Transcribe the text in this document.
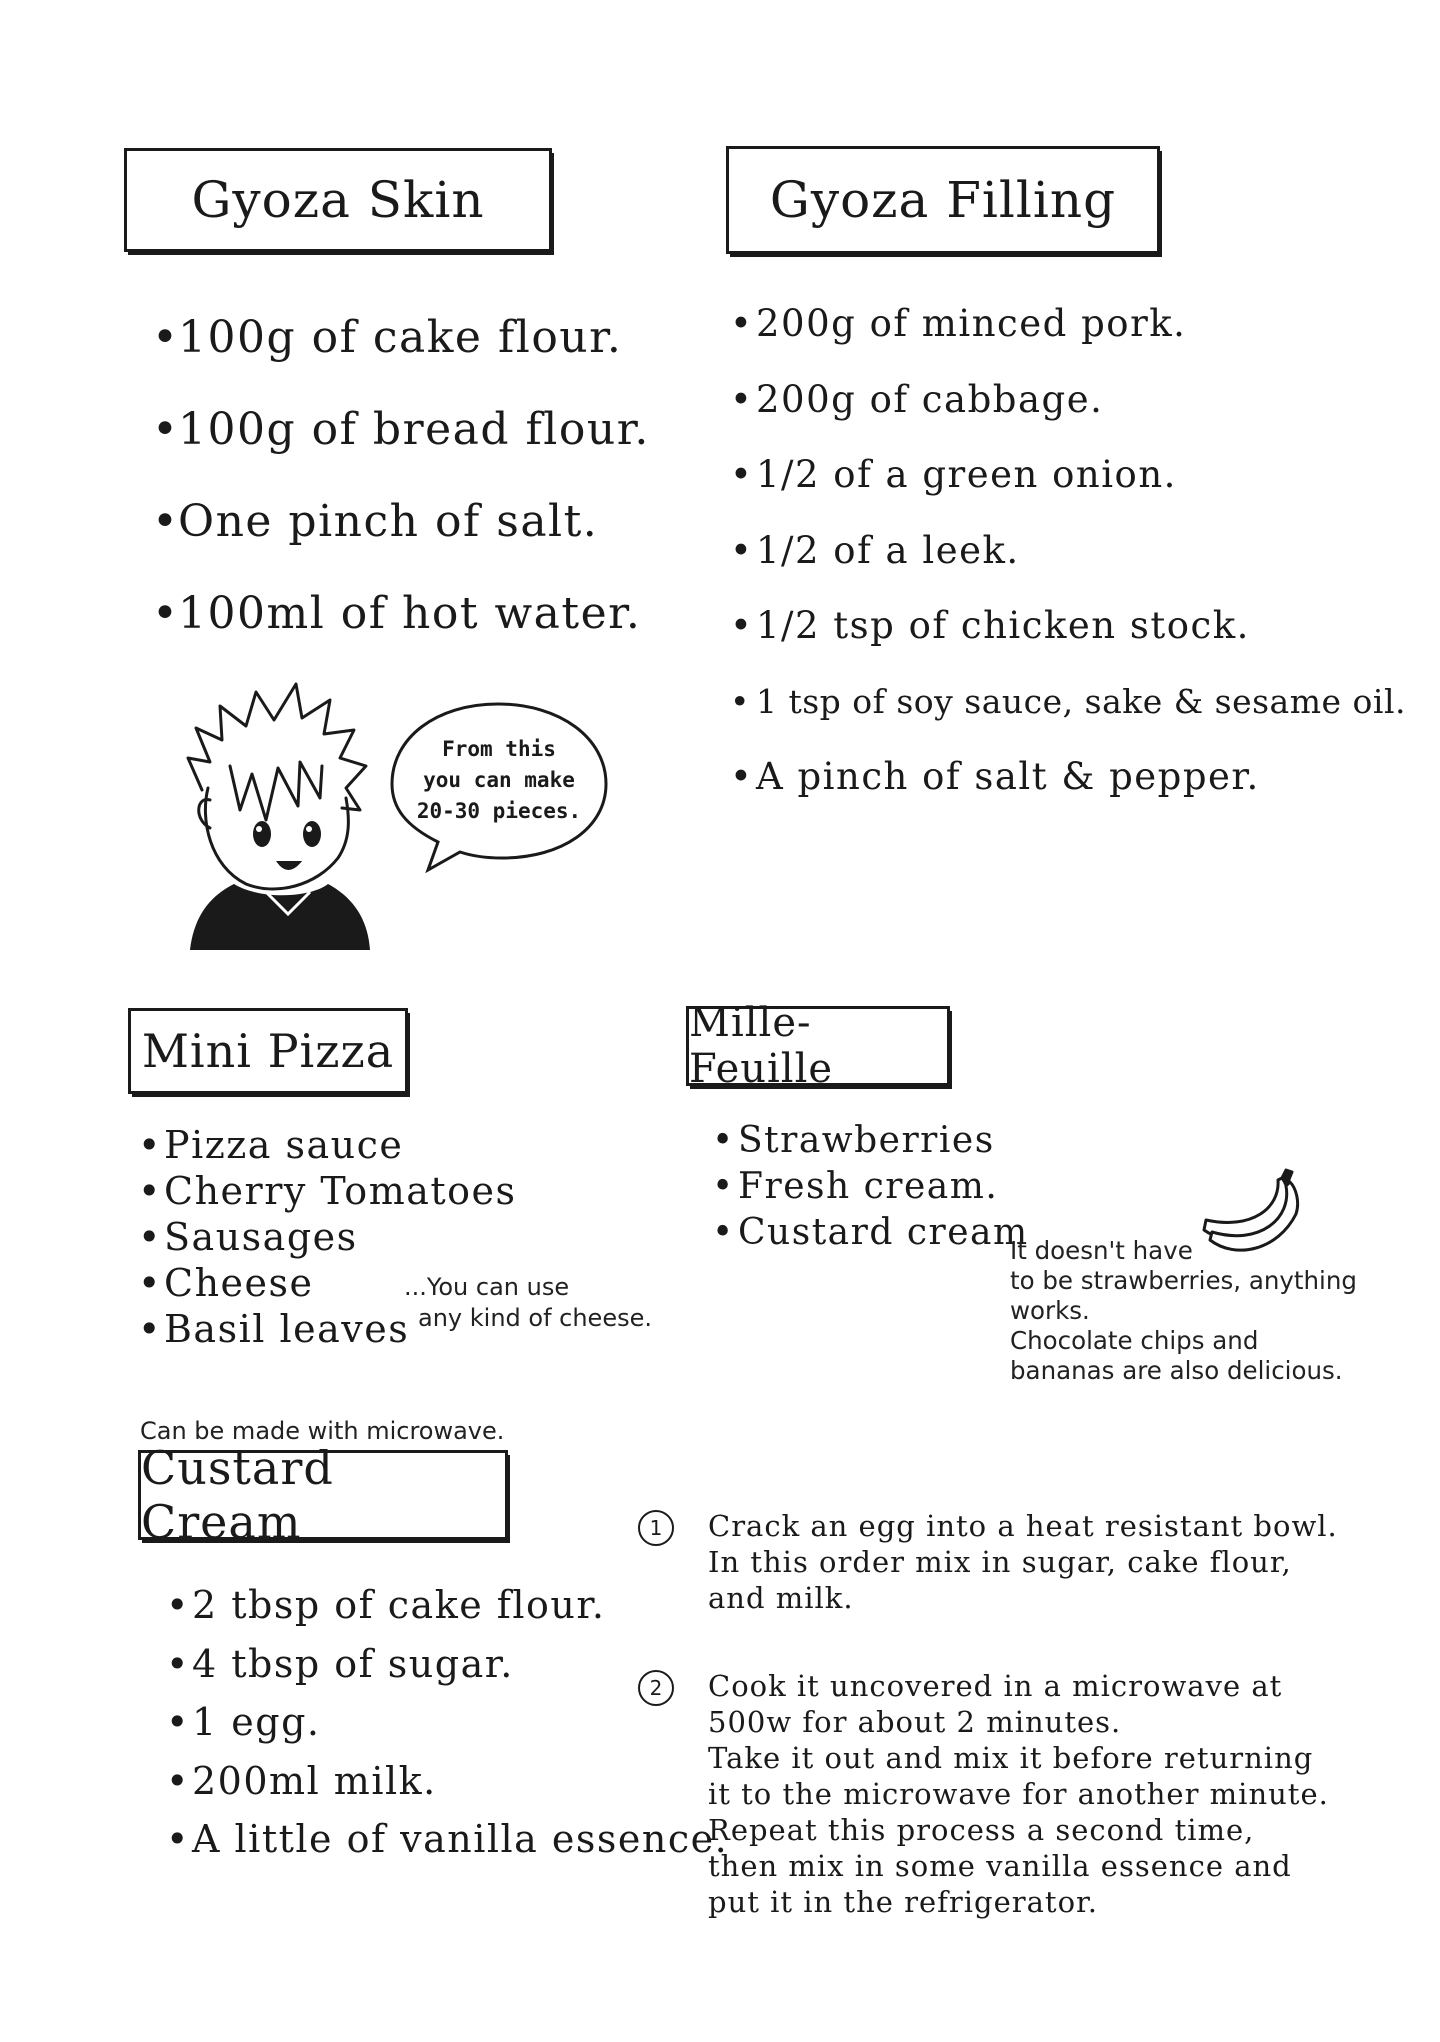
Gyoza Skin
• 100g of cake flour.
• 100g of bread flour.
• One pinch of salt.
• 100ml of hot water.
Gyoza Filling
• 200g of minced pork.
• 200g of cabbage.
• 1/2 of a green onion.
• 1/2 of a leek.
• 1/2 tsp of chicken stock.
• 1 tsp of soy sauce, sake & sesame oil.
• A pinch of salt & pepper.
From this
you can make
20-30 pieces.
Mini Pizza
• Pizza sauce
• Cherry Tomatoes
• Sausages
• Cheese
• Basil leaves
...You can use
any kind of cheese.
Mille-Feuille
• Strawberries
• Fresh cream.
• Custard cream
It doesn't have
to be strawberries, anything
works.
Chocolate chips and
bananas are also delicious.
Can be made with microwave.
Custard Cream
• 2 tbsp of cake flour.
• 4 tbsp of sugar.
• 1 egg.
• 200ml milk.
• A little of vanilla essence.
1	Crack an egg into a heat resistant bowl.
In this order mix in sugar, cake flour,
and milk.
2	Cook it uncovered in a microwave at
500w for about 2 minutes.
Take it out and mix it before returning
it to the microwave for another minute.
Repeat this process a second time,
then mix in some vanilla essence and
put it in the refrigerator.
